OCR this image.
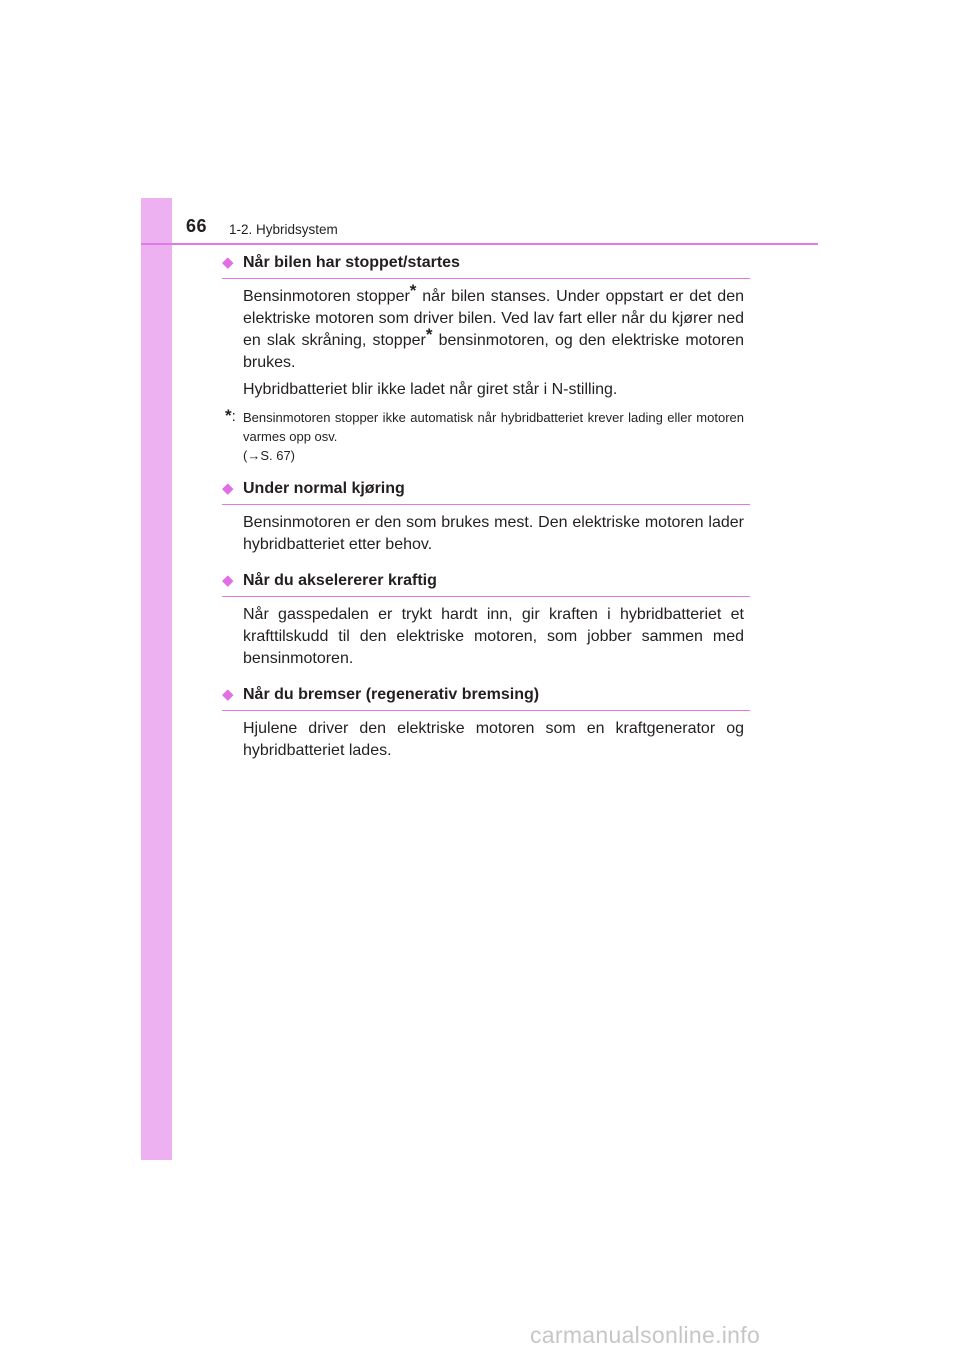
66 1-2. Hybridsystem
◆ Når bilen har stoppet/startes

Bensinmotoren stopper* når bilen stanses. Under oppstart er det den elektriske motoren som driver bilen. Ved lav fart eller når du kjører ned en slak skråning, stopper* bensinmotoren, og den elektriske motoren brukes.

Hybridbatteriet blir ikke ladet når giret står i N-stilling.

*: Bensinmotoren stopper ikke automatisk når hybridbatteriet krever lading eller motoren varmes opp osv.
(→S. 67)
◆ Under normal kjøring

Bensinmotoren er den som brukes mest. Den elektriske motoren lader hybridbatteriet etter behov.

◆ Når du akselererer kraftig

Når gasspedalen er trykt hardt inn, gir kraften i hybridbatteriet et krafttilskudd til den elektriske motoren, som jobber sammen med bensinmotoren.

◆ Når du bremser (regenerativ bremsing)

Hjulene driver den elektriske motoren som en kraftgenerator og hybridbatteriet lades.

carmanualsonline.info
